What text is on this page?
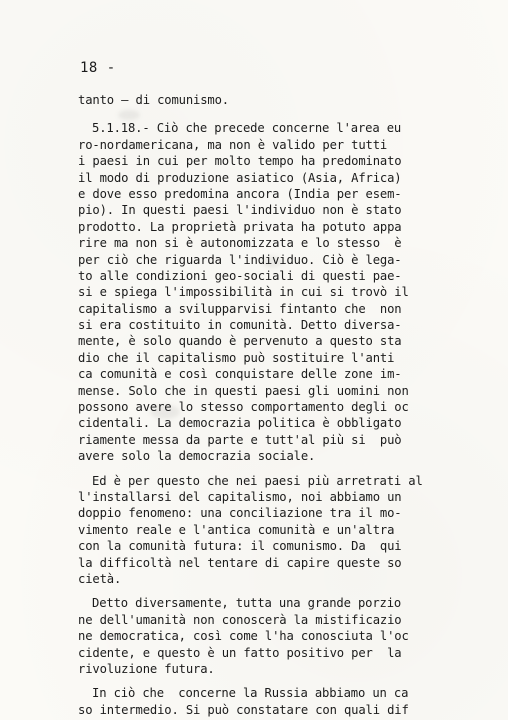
18 -
tanto — di comunismo.
5.1.18.- Ciò che precede concerne l'area eu
ro-nordamericana, ma non è valido per tutti
i paesi in cui per molto tempo ha predominato
il modo di produzione asiatico (Asia, Africa)
e dove esso predomina ancora (India per esem-
pio). In questi paesi l'individuo non è stato
prodotto. La proprietà privata ha potuto appa
rire ma non si è autonomizzata e lo stesso  è
per ciò che riguarda l'individuo. Ciò è lega-
to alle condizioni geo-sociali di questi pae-
si e spiega l'impossibilità in cui si trovò il
capitalismo a svilupparvisi fintanto che  non
si era costituito in comunità. Detto diversa-
mente, è solo quando è pervenuto a questo sta
dio che il capitalismo può sostituire l'anti
ca comunità e così conquistare delle zone im-
mense. Solo che in questi paesi gli uomini non
possono avere lo stesso comportamento degli oc
cidentali. La democrazia politica è obbligato
riamente messa da parte e tutt'al più si  può
avere solo la democrazia sociale.
Ed è per questo che nei paesi più arretrati al
l'installarsi del capitalismo, noi abbiamo un
doppio fenomeno: una conciliazione tra il mo-
vimento reale e l'antica comunità e un'altra
con la comunità futura: il comunismo. Da  qui
la difficoltà nel tentare di capire queste so
cietà.
Detto diversamente, tutta una grande porzio
ne dell'umanità non conoscerà la mistificazio
ne democratica, così come l'ha conosciuta l'oc
cidente, e questo è un fatto positivo per  la
rivoluzione futura.
In ciò che  concerne la Russia abbiamo un ca
so intermedio. Si può constatare con quali dif
